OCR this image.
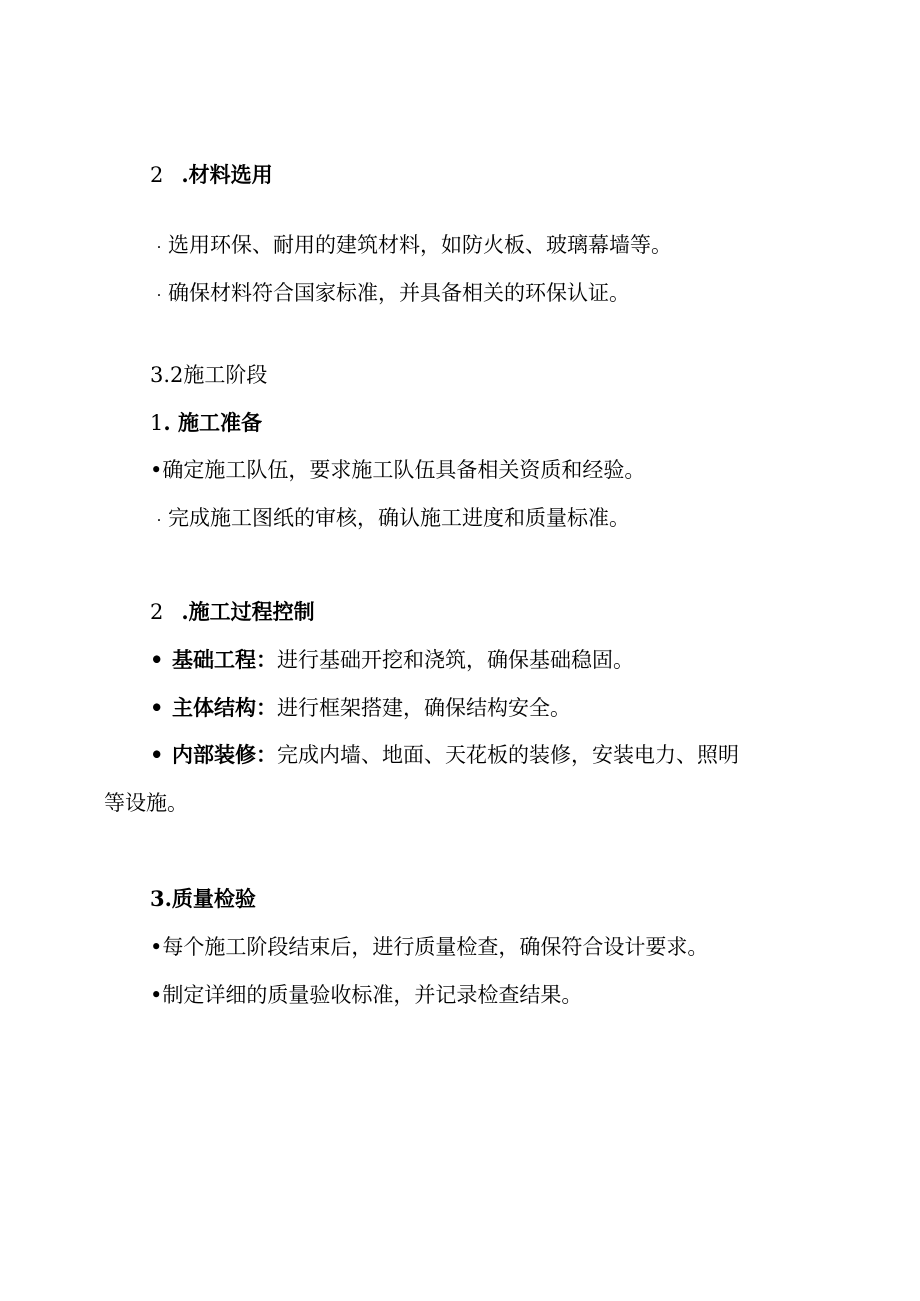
2 .材料选用
· 选用环保、耐用的建筑材料，如防火板、玻璃幕墙等。
· 确保材料符合国家标准，并具备相关的环保认证。
3.2施工阶段
1. 施工准备
•确定施工队伍，要求施工队伍具备相关资质和经验。
· 完成施工图纸的审核，确认施工进度和质量标准。
2 .施工过程控制
• 基础工程：进行基础开挖和浇筑，确保基础稳固。
• 主体结构：进行框架搭建，确保结构安全。
• 内部装修：完成内墙、地面、天花板的装修，安装电力、照明
等设施。
3.质量检验
•每个施工阶段结束后，进行质量检查，确保符合设计要求。
•制定详细的质量验收标准，并记录检查结果。
